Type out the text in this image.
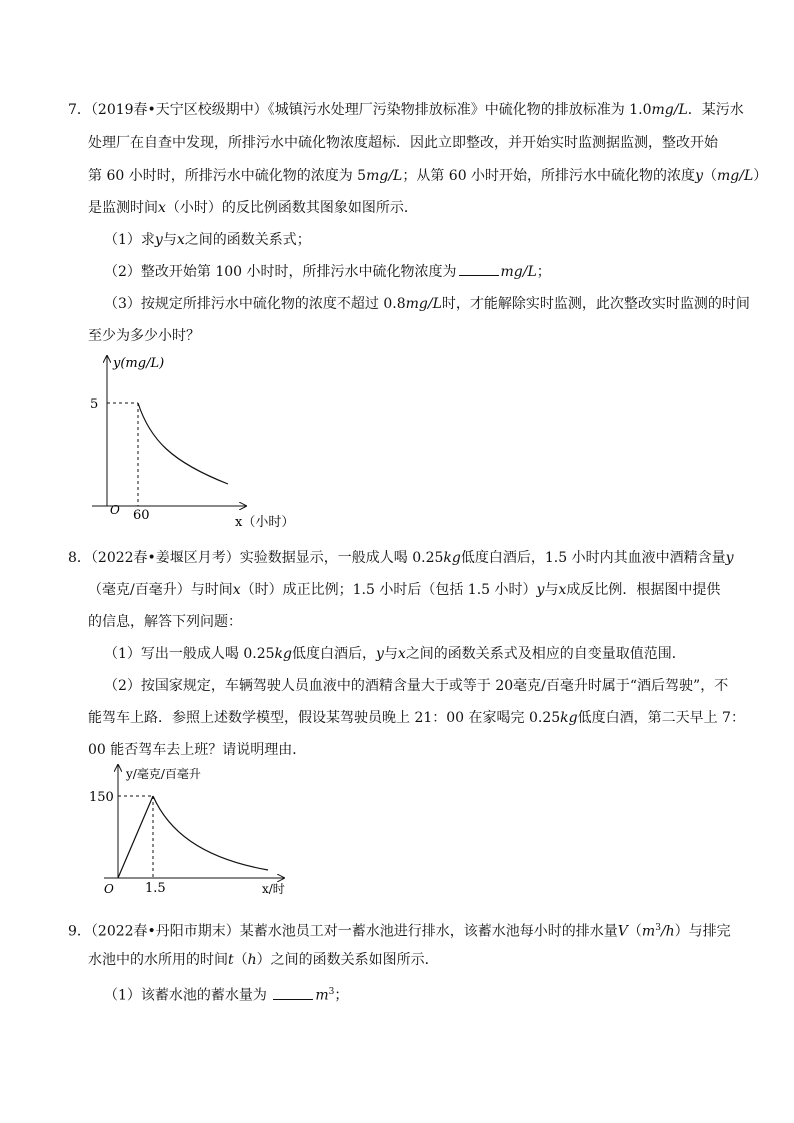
7．（2019春•天宁区校级期中）《城镇污水处理厂污染物排放标准》中硫化物的排放标准为 1.0mg/L．某污水
处理厂在自查中发现，所排污水中硫化物浓度超标．因此立即整改，并开始实时监测据监测，整改开始
第 60 小时时，所排污水中硫化物的浓度为 5mg/L；从第 60 小时开始，所排污水中硫化物的浓度y（mg/L）
是监测时间x（小时）的反比例函数其图象如图所示．
（1）求y与x之间的函数关系式；
（2）整改开始第 100 小时时，所排污水中硫化物浓度为	mg/L；
（3）按规定所排污水中硫化物的浓度不超过 0.8mg/L时，才能解除实时监测，此次整改实时监测的时间
至少为多少小时？
y(mg/L)
5
O 60	x（小时）
8．（2022春•姜堰区月考）实验数据显示，一般成人喝 0.25kg低度白酒后，1.5 小时内其血液中酒精含量y
（毫克/百毫升）与时间x（时）成正比例；1.5 小时后（包括 1.5 小时）y与x成反比例．根据图中提供
的信息，解答下列问题：
（1）写出一般成人喝 0.25kg低度白酒后，y与x之间的函数关系式及相应的自变量取值范围．
（2）按国家规定，车辆驾驶人员血液中的酒精含量大于或等于 20毫克/百毫升时属于“酒后驾驶”，不
能驾车上路．参照上述数学模型，假设某驾驶员晚上 21：00 在家喝完 0.25kg低度白酒，第二天早上 7：
00 能否驾车去上班？请说明理由．
y/毫克/百毫升
150
O 1.5	x/时
9．（2022春•丹阳市期末）某蓄水池员工对一蓄水池进行排水，该蓄水池每小时的排水量$V(m^3/h)$与排完
水池中的水所用的时间t（h）之间的函数关系如图所示．
（1）该蓄水池的蓄水量为	$m^3$；
